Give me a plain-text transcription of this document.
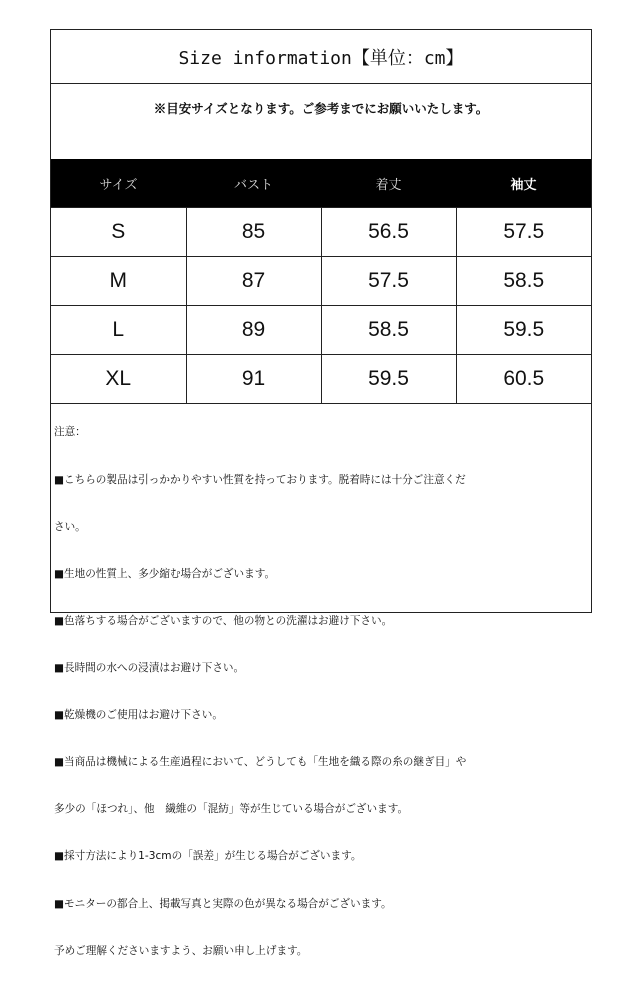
Size information【単位：cm】
※目安サイズとなります。ご参考までにお願いいたします。
サイズ	バスト	着丈	袖丈
S	85	56.5	57.5
M	87	57.5	58.5
L	89	58.5	59.5
XL	91	59.5	60.5

注意：

■こちらの製品は引っかかりやすい性質を持っております。脱着時には十分ご注意くだ

さい。

■生地の性質上、多少縮む場合がございます。

■色落ちする場合がございますので、他の物との洗濯はお避け下さい。

■長時間の水への浸漬はお避け下さい。

■乾燥機のご使用はお避け下さい。

■当商品は機械による生産過程において、どうしても「生地を織る際の糸の継ぎ目」や

多少の「ほつれ」、他　繊維の「混紡」等が生じている場合がございます。

■採寸方法により1-3cmの「誤差」が生じる場合がございます。

■モニターの都合上、掲載写真と実際の色が異なる場合がございます。

予めご理解くださいますよう、お願い申し上げます。
